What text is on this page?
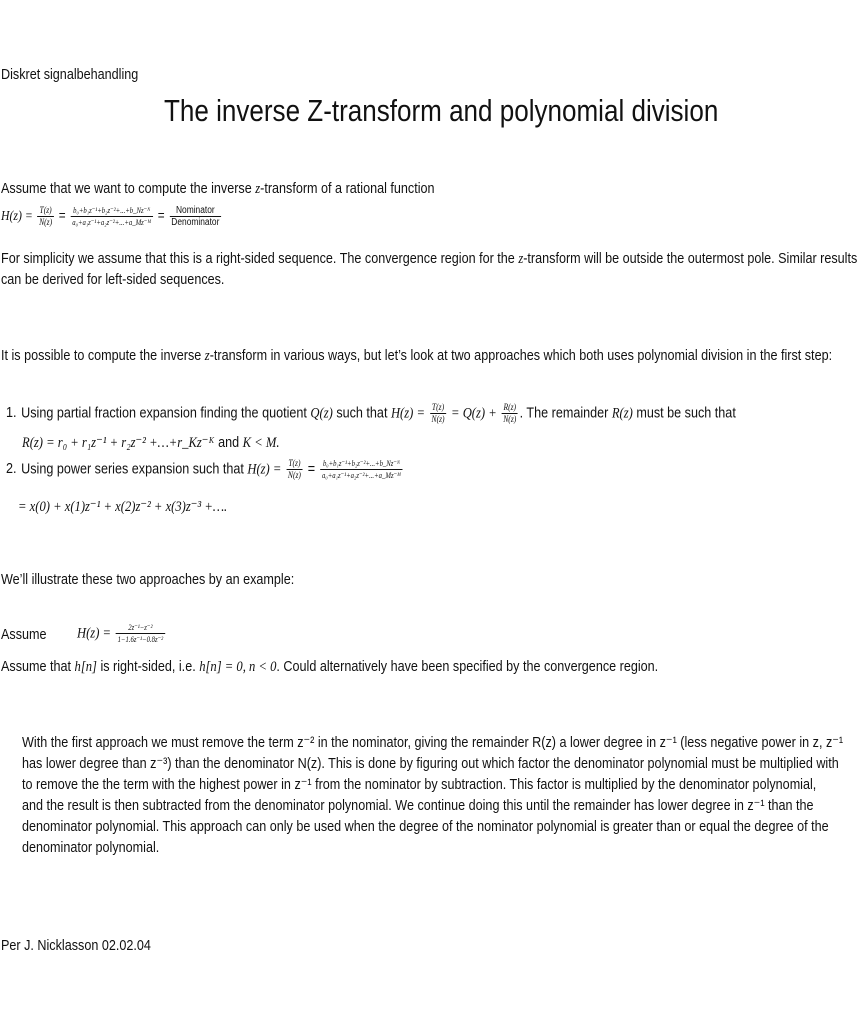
Diskret signalbehandling
The inverse Z-transform and polynomial division
Assume that we want to compute the inverse z-transform of a rational function
$H(z) = \frac{T(z)}{N(z)} = \frac{\text{b₀+b₁z⁻¹+b₂z⁻²+...+b\_Nz⁻ᴺ}}{\text{a₀+a₁z⁻¹+a₂z⁻²+...+a\_Mz⁻ᴹ}} = \frac{\text{Nominator}}{\text{Denominator}}$
For simplicity we assume that this is a right-sided sequence. The convergence region for the z-transform will be outside the outermost pole. Similar results
can be derived for left-sided sequences.
It is possible to compute the inverse z-transform in various ways, but let’s look at two approaches which both uses polynomial division in the first step:
1. Using partial fraction expansion finding the quotient Q(z) such that $H(z) = \frac{T(z)}{N(z)} = Q(z) + \frac{R(z)}{N(z)}$ . The remainder R(z) must be such that
R(z) = r₀ + r₁z⁻¹ + r₂z⁻² +…+r_Kz⁻ᴷ and K < M.
2. Using power series expansion such that $H(z) = \frac{T(z)}{N(z)} = \frac{\text{b₀+b₁z⁻¹+b₂z⁻²+...+b\_Nz⁻ᴺ}}{\text{a₀+a₁z⁻¹+a₂z⁻²+...+a\_Mz⁻ᴹ}}$
= x(0) + x(1)z⁻¹ + x(2)z⁻² + x(3)z⁻³ +….
We’ll illustrate these two approaches by an example:
Assume $H(z) = \frac{\text{2z⁻¹−z⁻²}}{\text{1−1.6z⁻¹−0.8z⁻²}}$
Assume that h[n] is right-sided, i.e. h[n] = 0, n < 0. Could alternatively have been specified by the convergence region.
With the first approach we must remove the term z⁻² in the nominator, giving the remainder R(z) a lower degree in z⁻¹ (less negative power in z, z⁻¹
has lower degree than z⁻³) than the denominator N(z). This is done by figuring out which factor the denominator polynomial must be multiplied with
to remove the the term with the highest power in z⁻¹ from the nominator by subtraction. This factor is multiplied by the denominator polynomial,
and the result is then subtracted from the denominator polynomial. We continue doing this until the remainder has lower degree in z⁻¹ than the
denominator polynomial. This approach can only be used when the degree of the nominator polynomial is greater than or equal the degree of the
denominator polynomial.
Per J. Nicklasson 02.02.04
